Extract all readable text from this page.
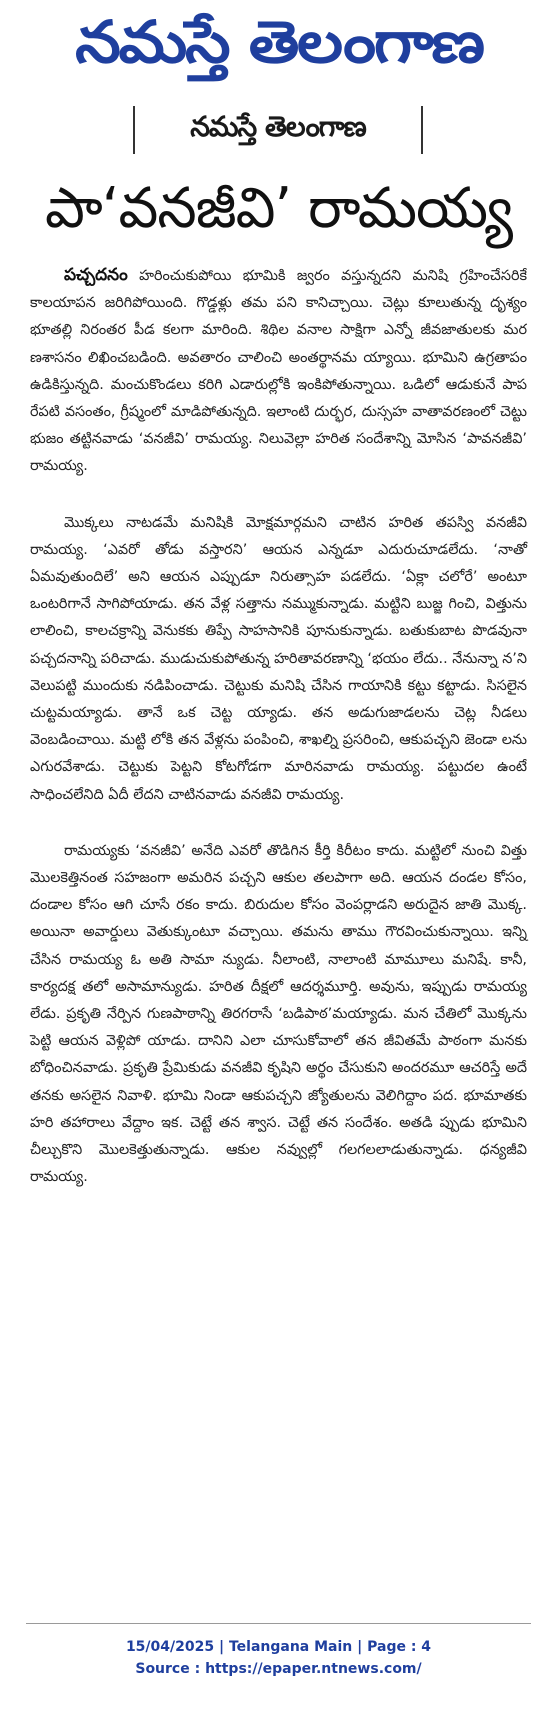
నమస్తే తెలంగాణ
నమస్తే తెలంగాణ
పా‘వనజీవి’ రామయ్య

పచ్చదనం హరించుకుపోయి భూమికి జ్వరం వస్తున్నదని మనిషి గ్రహించేసరికే కాలయాపన జరిగిపోయింది. గొడ్డళ్లు తమ పని కానిచ్చాయి. చెట్లు కూలుతున్న దృశ్యం భూతల్లి నిరంతర పీడ కలగా మారింది. శిథిల వనాల సాక్షిగా ఎన్నో జీవజాతులకు మర ణశాసనం లిఖించబడింది. అవతారం చాలించి అంతర్థానమ య్యాయి. భూమిని ఉగ్రతాపం ఉడికిస్తున్నది. మంచుకొండలు కరిగి ఎడారుల్లోకి ఇంకిపోతున్నాయి. ఒడిలో ఆడుకునే పాప రేపటి వసంతం, గ్రీష్మంలో మాడిపోతున్నది. ఇలాంటి దుర్భర, దుస్సహ వాతావరణంలో చెట్టు భుజం తట్టినవాడు ‘వనజీవి’ రామయ్య. నిలువెల్లా హరిత సందేశాన్ని మోసిన ‘పావనజీవి’ రామయ్య.

మొక్కలు నాటడమే మనిషికి మోక్షమార్గమని చాటిన హరిత తపస్వి వనజీవి రామయ్య. ‘ఎవరో తోడు వస్తారని’ ఆయన ఎన్నడూ ఎదురుచూడలేదు. ‘నాతో ఏమవుతుందిలే’ అని ఆయన ఎప్పుడూ నిరుత్సాహ పడలేదు. ‘ఏక్లా చలోరే’ అంటూ ఒంటరిగానే సాగిపోయాడు. తన వేళ్ల సత్తాను నమ్ముకున్నాడు. మట్టిని బుజ్జ గించి, విత్తును లాలించి, కాలచక్రాన్ని వెనుకకు తిప్పే సాహసానికి పూనుకున్నాడు. బతుకుబాట పొడవునా పచ్చదనాన్ని పరిచాడు. ముడుచుకుపోతున్న హరితావరణాన్ని ‘భయం లేదు.. నేనున్నా న’ని వెలుపట్టి ముందుకు నడిపించాడు. చెట్టుకు మనిషి చేసిన గాయానికి కట్టు కట్టాడు. సిసలైన చుట్టమయ్యాడు. తానే ఒక చెట్ట య్యాడు. తన అడుగుజాడలను చెట్ల నీడలు వెంబడించాయి. మట్టి లోకి తన వేళ్లను పంపించి, శాఖల్ని ప్రసరించి, ఆకుపచ్చని జెండా లను ఎగురవేశాడు. చెట్టుకు పెట్టని కోటగోడగా మారినవాడు రామయ్య. పట్టుదల ఉంటే సాధించలేనిది ఏదీ లేదని చాటినవాడు వనజీవి రామయ్య.

రామయ్యకు ‘వనజీవి’ అనేది ఎవరో తొడిగిన కీర్తి కిరీటం కాదు. మట్టిలో నుంచి విత్తు మొలకెత్తినంత సహజంగా అమరిన పచ్చని ఆకుల తలపాగా అది. ఆయన దండల కోసం, దండాల కోసం ఆగి చూసే రకం కాదు. బిరుదుల కోసం వెంపర్లాడని అరుదైన జాతి మొక్క. అయినా అవార్డులు వెతుక్కుంటూ వచ్చాయి. తమను తాము గౌరవించుకున్నాయి. ఇన్ని చేసిన రామయ్య ఓ అతి సామా న్యుడు. నీలాంటి, నాలాంటి మామూలు మనిషే. కానీ, కార్యదక్ష తలో అసామాన్యుడు. హరిత దీక్షలో ఆదర్శమూర్తి. అవును, ఇప్పుడు రామయ్య లేడు. ప్రకృతి నేర్పిన గుణపాఠాన్ని తిరగరాసే ‘బడిపాఠ’మయ్యాడు. మన చేతిలో మొక్కను పెట్టి ఆయన వెళ్లిపో యాడు. దానిని ఎలా చూసుకోవాలో తన జీవితమే పాఠంగా మనకు బోధించినవాడు. ప్రకృతి ప్రేమికుడు వనజీవి కృషిని అర్థం చేసుకుని అందరమూ ఆచరిస్తే అదే తనకు అసలైన నివాళి. భూమి నిండా ఆకుపచ్చని జ్యోతులను వెలిగిద్దాం పద. భూమాతకు హరి తహారాలు వేద్దాం ఇక. చెట్టే తన శ్వాస. చెట్టే తన సందేశం. అతడి ప్పుడు భూమిని చీల్చుకొని మొలకెత్తుతున్నాడు. ఆకుల నవ్వుల్లో గలగలలాడుతున్నాడు. ధన్యజీవి రామయ్య.

15/04/2025 | Telangana Main | Page : 4
Source : https://epaper.ntnews.com/
